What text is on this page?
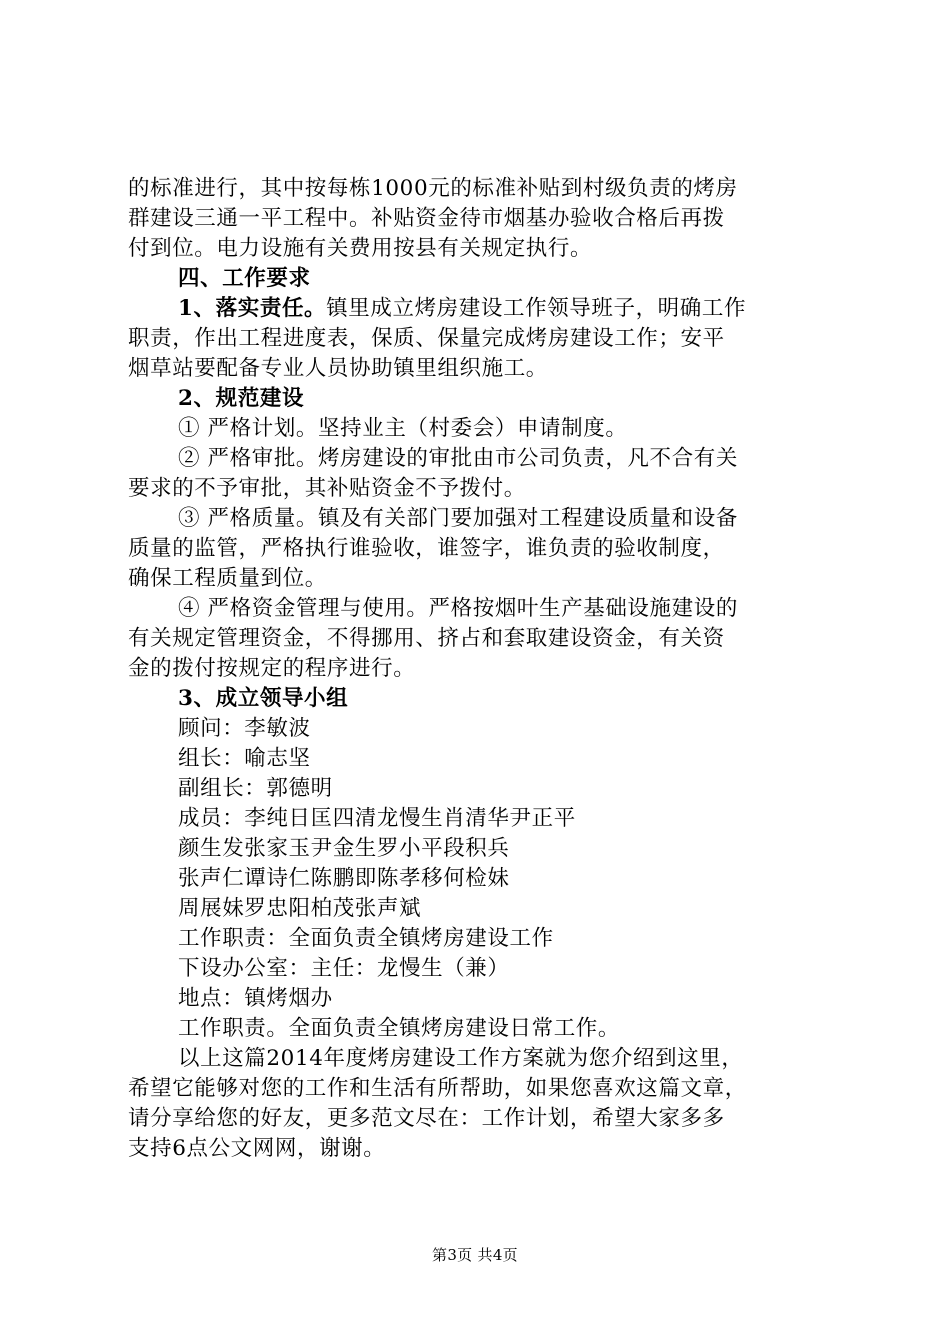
的标准进行，其中按每栋1000元的标准补贴到村级负责的烤房
群建设三通一平工程中。补贴资金待市烟基办验收合格后再拨
付到位。电力设施有关费用按县有关规定执行。
四、工作要求
1、落实责任。镇里成立烤房建设工作领导班子，明确工作
职责，作出工程进度表，保质、保量完成烤房建设工作；安平
烟草站要配备专业人员协助镇里组织施工。
2、规范建设
① 严格计划。坚持业主（村委会）申请制度。
② 严格审批。烤房建设的审批由市公司负责，凡不合有关
要求的不予审批，其补贴资金不予拨付。
③ 严格质量。镇及有关部门要加强对工程建设质量和设备
质量的监管，严格执行谁验收，谁签字，谁负责的验收制度，
确保工程质量到位。
④ 严格资金管理与使用。严格按烟叶生产基础设施建设的
有关规定管理资金，不得挪用、挤占和套取建设资金，有关资
金的拨付按规定的程序进行。
3、成立领导小组
顾问：李敏波
组长：喻志坚
副组长：郭德明
成员：李纯日匡四清龙慢生肖清华尹正平
颜生发张家玉尹金生罗小平段积兵
张声仁谭诗仁陈鹏即陈孝移何检妹
周展妹罗忠阳柏茂张声斌
工作职责：全面负责全镇烤房建设工作
下设办公室：主任：龙慢生（兼）
地点：镇烤烟办
工作职责。全面负责全镇烤房建设日常工作。
以上这篇2014年度烤房建设工作方案就为您介绍到这里，
希望它能够对您的工作和生活有所帮助，如果您喜欢这篇文章，
请分享给您的好友，更多范文尽在：工作计划，希望大家多多
支持6点公文网网，谢谢。
第3页 共4页
